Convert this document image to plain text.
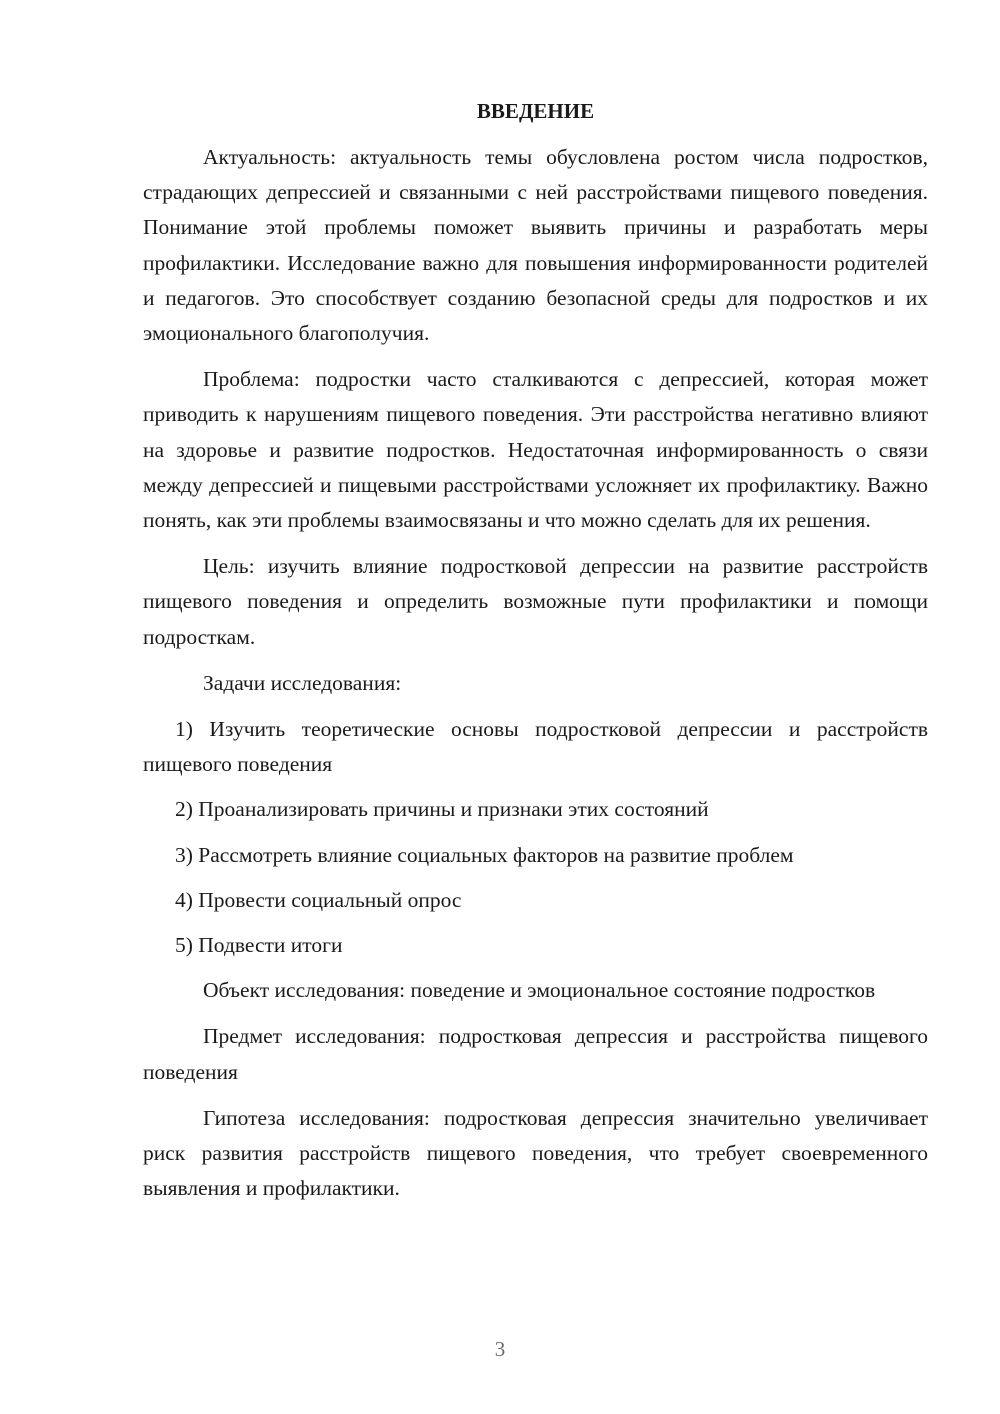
ВВЕДЕНИЕ

Актуальность: актуальность темы обусловлена ростом числа подростков, страдающих депрессией и связанными с ней расстройствами пищевого поведения. Понимание этой проблемы поможет выявить причины и разработать меры профилактики. Исследование важно для повышения информированности родителей и педагогов. Это способствует созданию безопасной среды для подростков и их эмоционального благополучия.

Проблема: подростки часто сталкиваются с депрессией, которая может приводить к нарушениям пищевого поведения. Эти расстройства негативно влияют на здоровье и развитие подростков. Недостаточная информированность о связи между депрессией и пищевыми расстройствами усложняет их профилактику. Важно понять, как эти проблемы взаимосвязаны и что можно сделать для их решения.

Цель: изучить влияние подростковой депрессии на развитие расстройств пищевого поведения и определить возможные пути профилактики и помощи подросткам.

Задачи исследования:

1) Изучить теоретические основы подростковой депрессии и расстройств пищевого поведения

2) Проанализировать причины и признаки этих состояний

3) Рассмотреть влияние социальных факторов на развитие проблем

4) Провести социальный опрос

5) Подвести итоги

Объект исследования: поведение и эмоциональное состояние подростков

Предмет исследования: подростковая депрессия и расстройства пищевого поведения

Гипотеза исследования: подростковая депрессия значительно увеличивает риск развития расстройств пищевого поведения, что требует своевременного выявления и профилактики.

3
